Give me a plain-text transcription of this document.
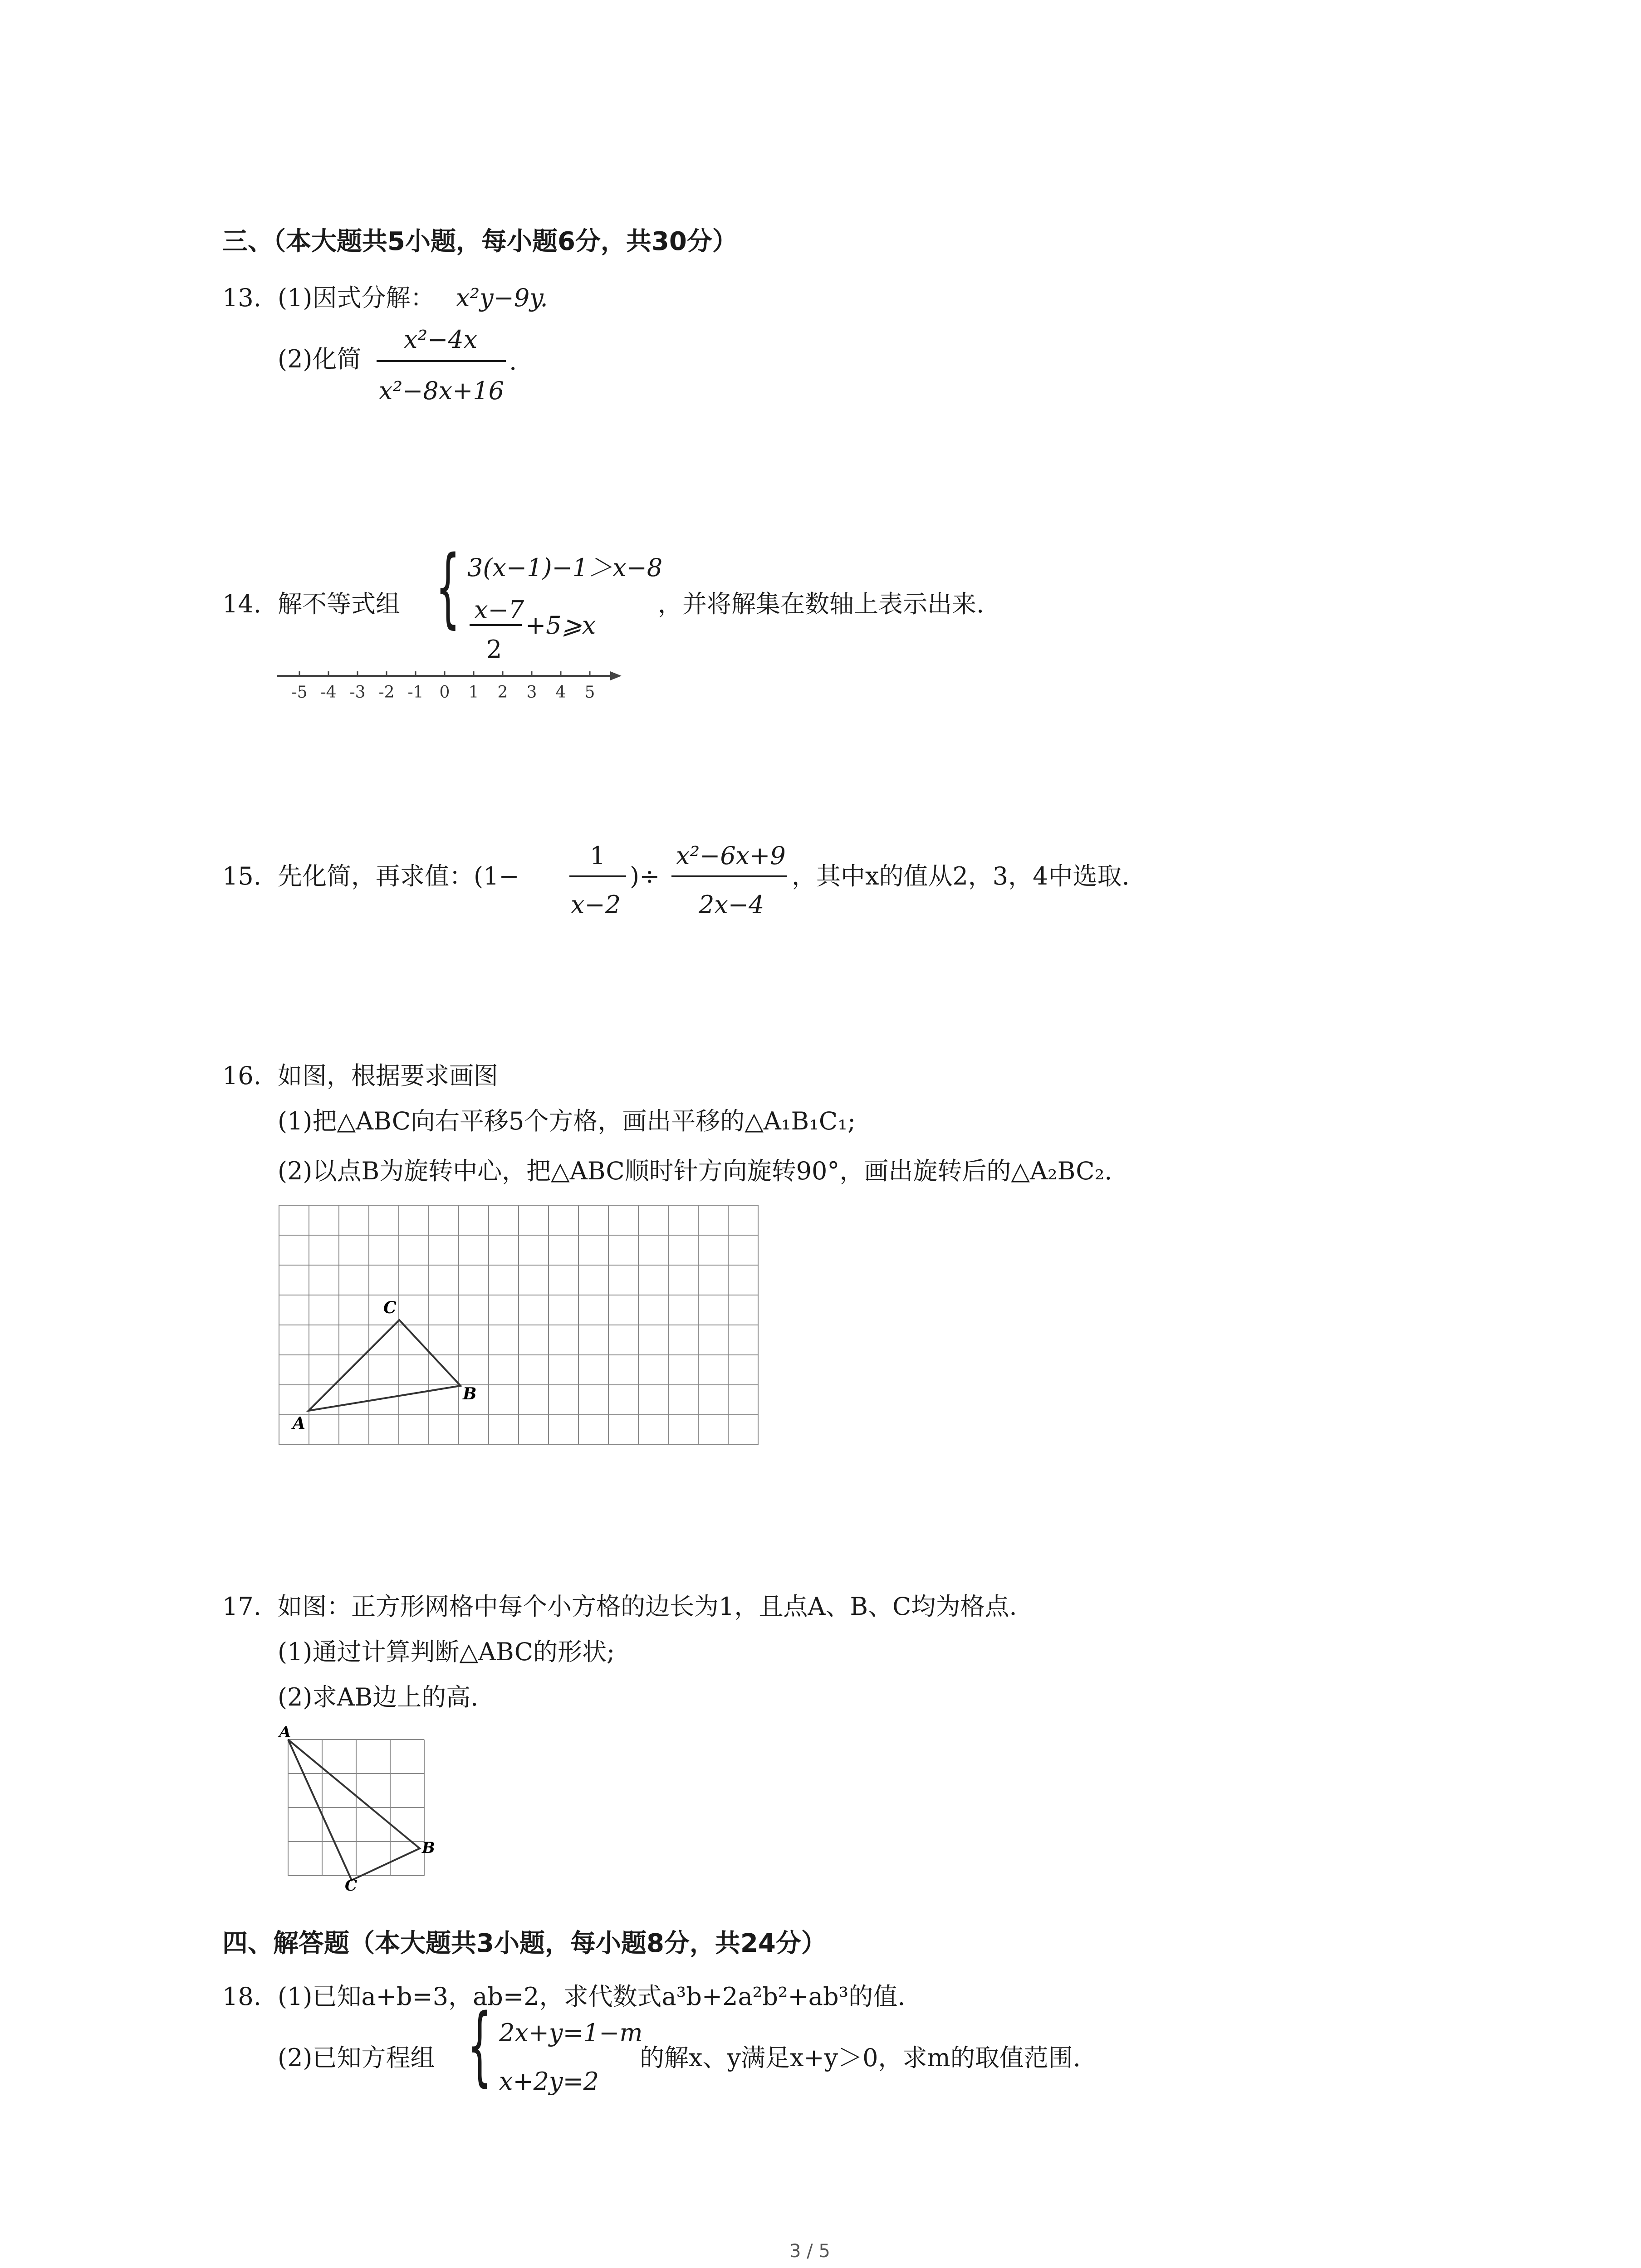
三、（本大题共5小题，每小题6分，共30分）
13. (1)因式分解： x²y−9y.
(2)化简
x²−4x
x²−8x+16
.
14. 解不等式组 { 3(x−1)−1＞x−8
x−7
2
+5⩾x
，并将解集在数轴上表示出来.
-5 -4 -3 -2 -1 0 1 2 3 4 5
15. 先化简，再求值：(1−
1
x−2
)÷
x²−6x+9
2x−4
，其中x的值从2，3，4中选取.
16. 如图，根据要求画图
(1)把△ABC向右平移5个方格，画出平移的△A₁B₁C₁;
(2)以点B为旋转中心，把△ABC顺时针方向旋转90°，画出旋转后的△A₂BC₂.
A
C
B
17. 如图：正方形网格中每个小方格的边长为1，且点A、B、C均为格点.
(1)通过计算判断△ABC的形状;
(2)求AB边上的高.
A
B
C
四、解答题（本大题共3小题，每小题8分，共24分）
18. (1)已知a+b=3，ab=2，求代数式a³b+2a²b²+ab³的值.
(2)已知方程组 { 2x+y=1−m
x+2y=2
的解x、y满足x+y＞0，求m的取值范围.
3 / 5
